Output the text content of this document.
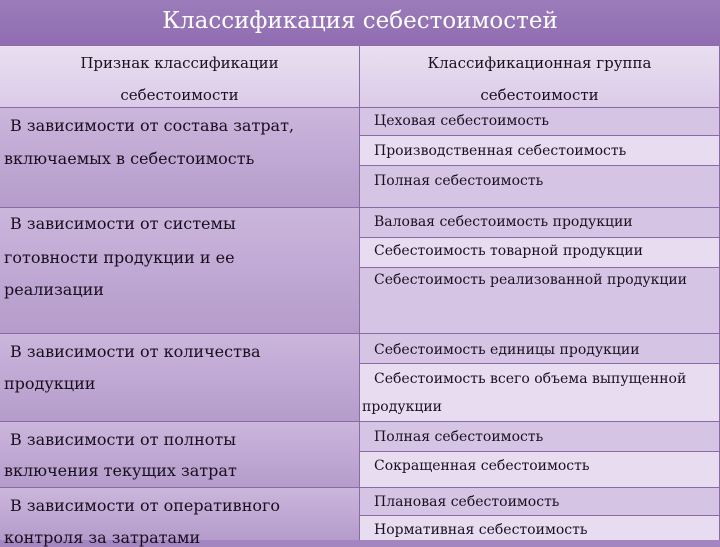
Классификация себестоимостей
Признак классификации
себестоимости
Классификационная группа
себестоимости
В зависимости от состава затрат,
включаемых в себестоимость
Цеховая себестоимость
Производственная себестоимость
Полная себестоимость
В зависимости от системы
готовности продукции и ее
реализации
Валовая себестоимость продукции
Себестоимость товарной продукции
Себестоимость реализованной продукции
В зависимости от количества
продукции
Себестоимость единицы продукции
Себестоимость всего объема выпущенной
продукции
В зависимости от полноты
включения текущих затрат
Полная себестоимость
Сокращенная себестоимость
В зависимости от оперативного
контроля за затратами
Плановая себестоимость
Нормативная себестоимость
